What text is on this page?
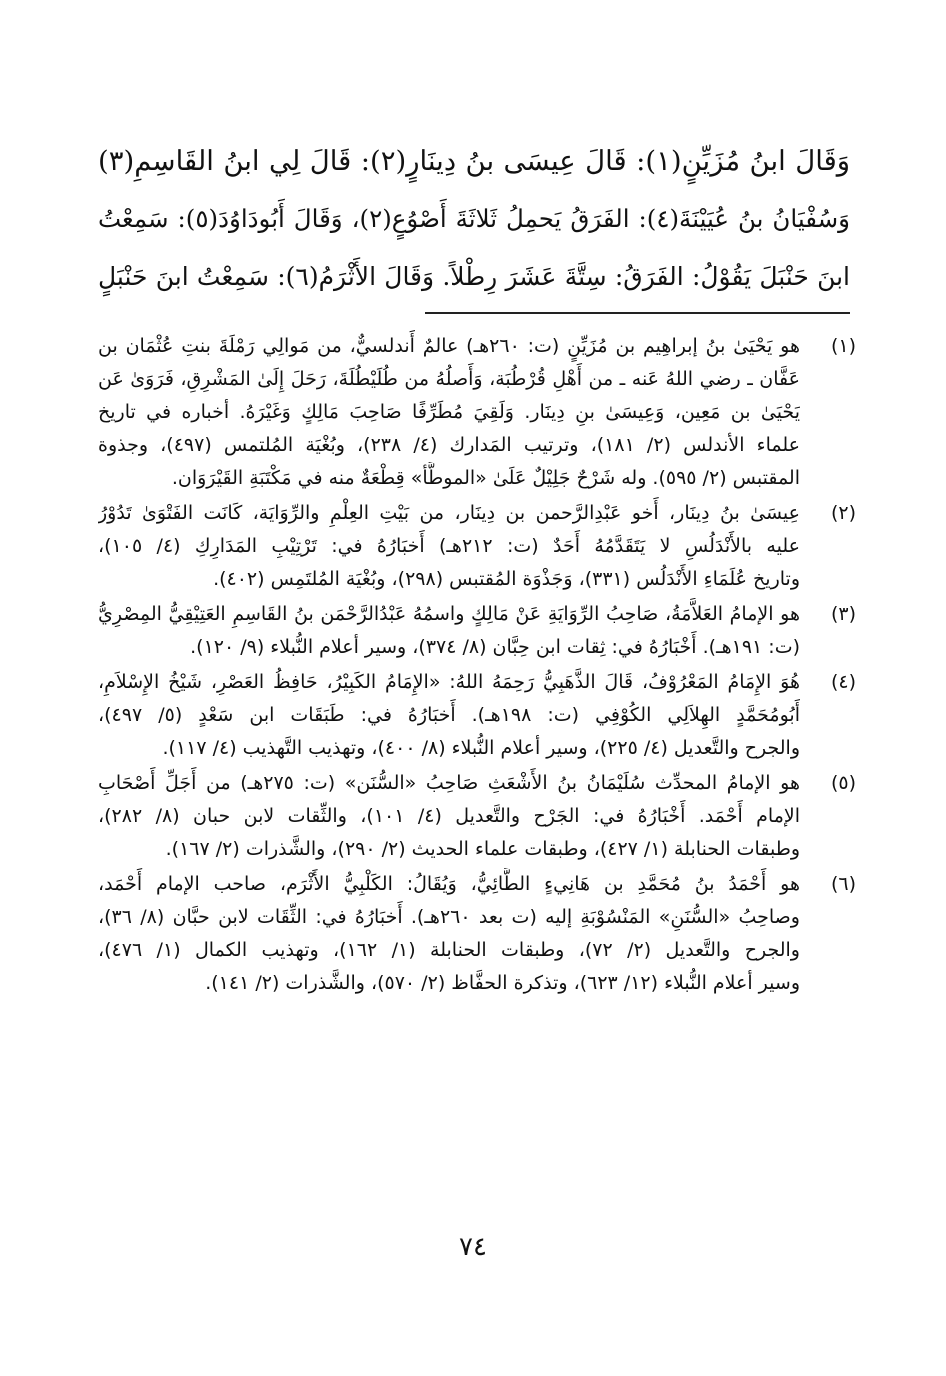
وَقَالَ ابنُ مُزَيِّنٍ(١): قَالَ عِيسَى بنُ دِينَارٍ(٢): قَالَ لِي ابنُ القَاسِمِ(٣)
وَسُفْيَانُ بنُ عُيَيْنَةَ(٤): الفَرَقُ يَحمِلُ ثَلاثَةَ أَصْوُعٍ(٢)، وَقَالَ أَبُودَاوُدَ(٥): سَمِعْتُ
ابنَ حَنْبَلَ يَقُوْلُ: الفَرَقُ: سِتَّةَ عَشَرَ رِطْلاً. وَقَالَ الأَثْرَمُ(٦): سَمِعْتُ ابنَ حَنْبَلٍ
(١)
هو يَحْيَىٰ بنُ إبراهِيم بن مُزَيِّنٍ (ت: ٢٦٠هـ) عالمٌ أَندلسيٌّ، من مَوالِي رَمْلَةَ بنتِ عُثْمَان بن
عَفَّان ـ رضي اللهُ عَنه ـ من أَهْلِ قُرْطُبَة، وَأَصلُهُ من طُلَيْطُلَةَ، رَحَلَ إِلَىٰ المَشْرِقِ، فَرَوَىٰ عَن
يَحْيَىٰ بن مَعِين، وَعِيسَىٰ بنِ دِينَار. وَلَقِيَ مُطَرِّفًا صَاحِبَ مَالِكٍ وَغَيْرَهُ. أخباره في تاريخ
علماء الأندلس (٢/ ١٨١)، وترتيب المَدارك (٤/ ٢٣٨)، وبُغْيَة المُلتمس (٤٩٧)، وجذوة
المقتبس (٢/ ٥٩٥). وله شَرْحٌ جَلِيْلٌ عَلَىٰ «الموطَّأ» قِطْعَةٌ منه في مَكْتَبَةِ القَيْرَوَان.
(٢)
عِيسَىٰ بنُ دِينَار، أَخو عَبْدِالرَّحمن بن دِينَار، من بَيْتِ العِلْمِ والرِّوَايَة، كَانَت الفَتْوَىٰ تَدُوْرُ
عليه بالأَنْدَلُسِ لا يَتَقَدَّمُهُ أَحَدٌ (ت: ٢١٢هـ) أَخبَارُهُ في: تَرْتِيْبِ المَدَارِكِ (٤/ ١٠٥)،
وتاريخ عُلَمَاءِ الأَنْدَلُس (٣٣١)، وَجَذْوَة المُقتبس (٢٩٨)، وبُغْيَة المُلتَمِس (٤٠٢).
(٣)
هو الإمامُ العَلاَّمَةُ، صَاحِبُ الرِّوَايَةِ عَنْ مَالِكٍ واسمُهُ عَبْدُالرَّحْمَن بنُ القَاسِمِ العَتِيْقِيُّ المِصْرِيُّ
(ت: ١٩١هـ). أَخْبَارُهُ في: ثِقات ابن حِبَّان (٨/ ٣٧٤)، وسير أعلام النُّبلاء (٩/ ١٢٠).
(٤)
هُوَ الإِمَامُ المَعْرُوْفُ، قَالَ الذَّهَبِيُّ رَحِمَهُ اللهُ: «الإِمَامُ الكَبِيْرُ، حَافِظُ العَصْرِ، شَيْخُ الإِسْلاَمِ،
أَبُومُحَمَّدٍ الهِلاَلِي الكُوْفِي (ت: ١٩٨هـ). أَخبَارُهُ في: طَبَقَات ابن سَعْدٍ (٥/ ٤٩٧)،
والجرح والتَّعديل (٤/ ٢٢٥)، وسير أعلام النُّبلاء (٨/ ٤٠٠)، وتهذيب التَّهذيب (٤/ ١١٧).
(٥)
هو الإمامُ المحدِّث سُلَيْمَانُ بنُ الأَشْعَثِ صَاحِبُ «السُّنَن» (ت: ٢٧٥هـ) من أَجَلِّ أَصْحَابِ
الإمام أَحْمَد. أَخْبَارُهُ في: الجَرْح والتَّعديل (٤/ ١٠١)، والثِّقات لابن حبان (٨/ ٢٨٢)،
وطبقات الحنابلة (١/ ٤٢٧)، وطبقات علماء الحديث (٢/ ٢٩٠)، والشَّذرات (٢/ ١٦٧).
(٦)
هو أَحْمَدُ بنُ مُحَمَّدِ بن هَانِيءٍ الطَّائِيُّ، وَيُقَالُ: الكَلْبِيُّ الأَثْرَم، صاحب الإمام أَحْمَد،
وصاحِبُ «السُّنَنِ» المَنْسُوْبَةِ إليه (ت بعد ٢٦٠هـ). أَخبَارُهُ في: الثِّقَات لابن حبَّان (٨/ ٣٦)،
والجرح والتَّعديل (٢/ ٧٢)، وطبقات الحنابلة (١/ ١٦٢)، وتهذيب الكمال (١/ ٤٧٦)،
وسير أعلام النُّبلاء (١٢/ ٦٢٣)، وتذكرة الحفَّاظ (٢/ ٥٧٠)، والشَّذرات (٢/ ١٤١).
٧٤
